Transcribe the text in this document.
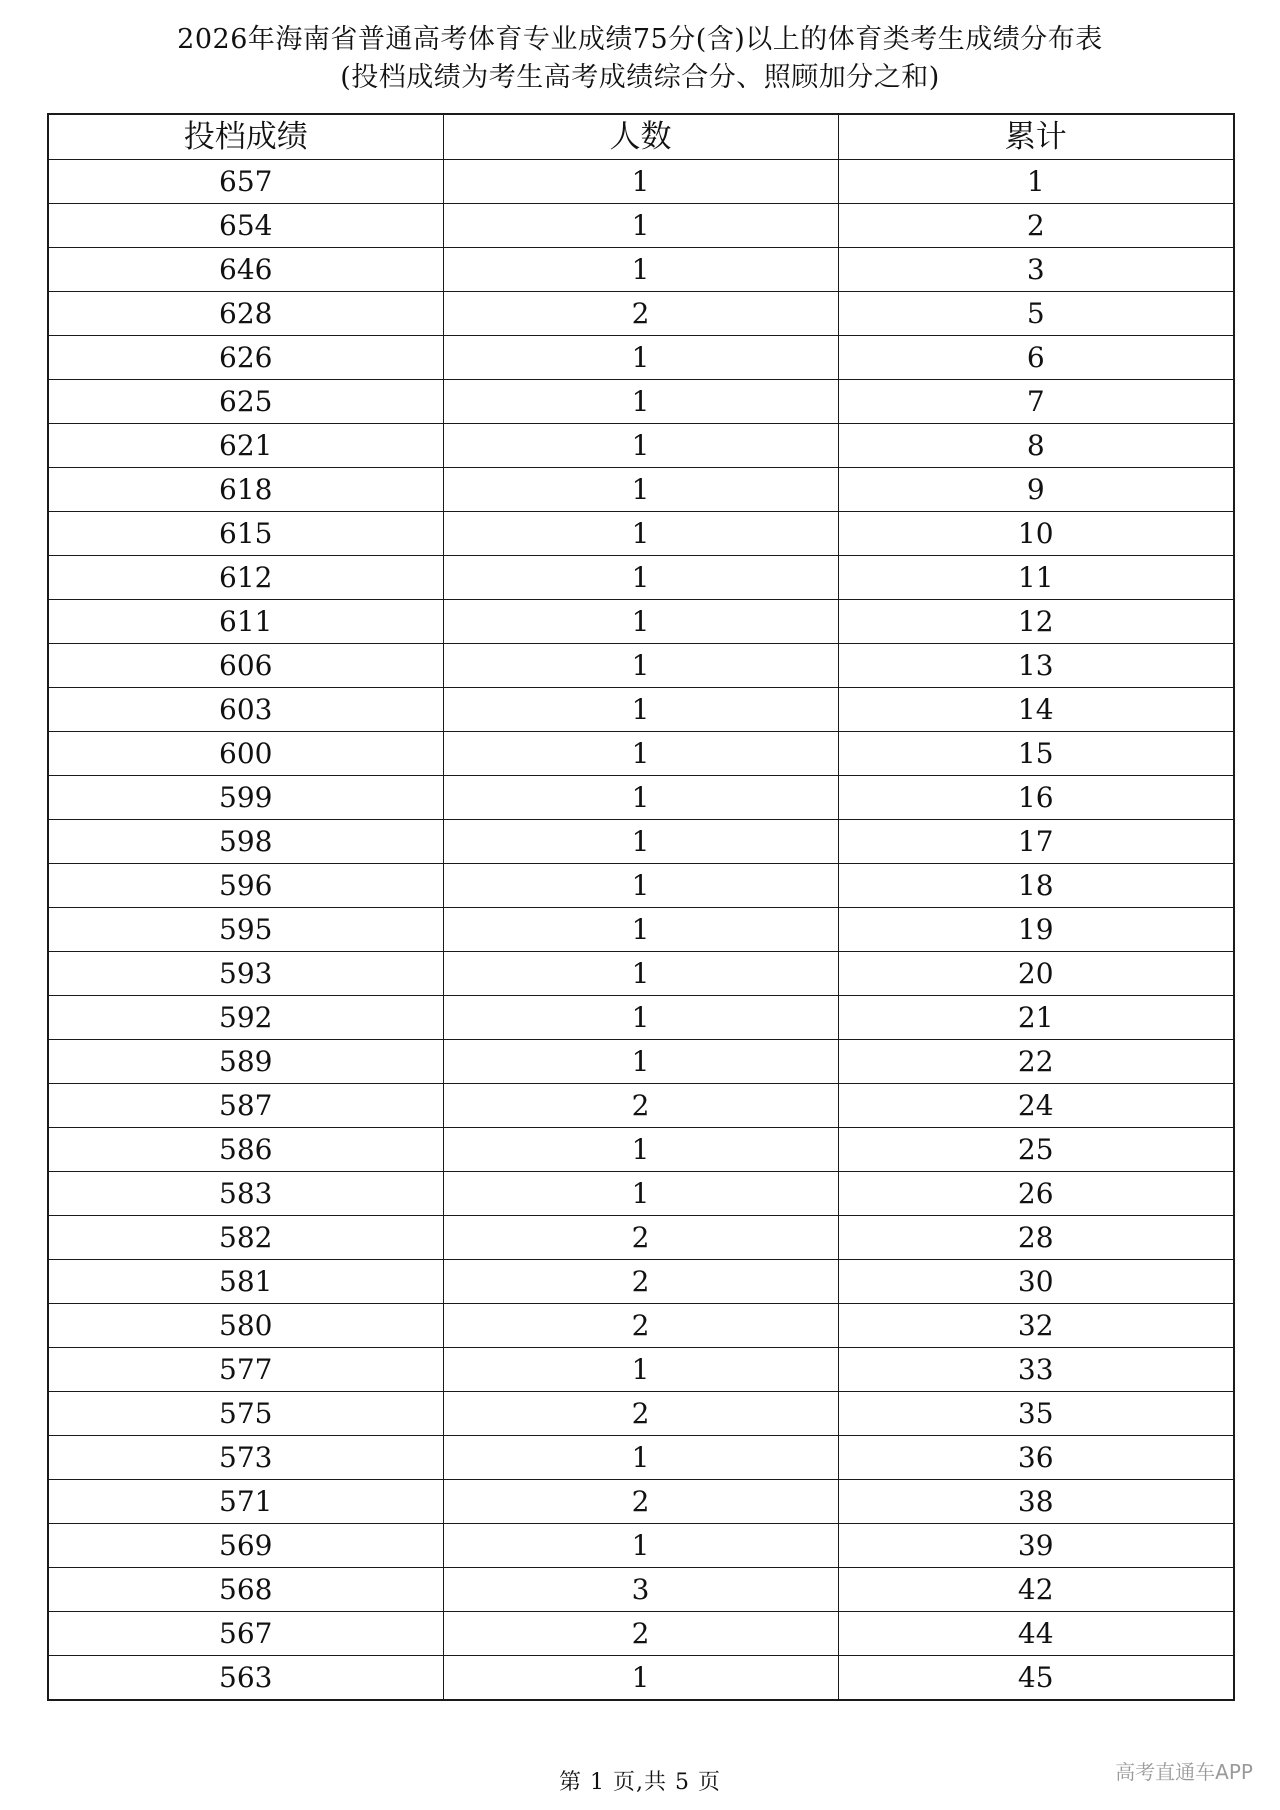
2026年海南省普通高考体育专业成绩75分(含)以上的体育类考生成绩分布表
(投档成绩为考生高考成绩综合分、照顾加分之和)
投档成绩	人数	累计
657	1	1
654	1	2
646	1	3
628	2	5
626	1	6
625	1	7
621	1	8
618	1	9
615	1	10
612	1	11
611	1	12
606	1	13
603	1	14
600	1	15
599	1	16
598	1	17
596	1	18
595	1	19
593	1	20
592	1	21
589	1	22
587	2	24
586	1	25
583	1	26
582	2	28
581	2	30
580	2	32
577	1	33
575	2	35
573	1	36
571	2	38
569	1	39
568	3	42
567	2	44
563	1	45
第 1 页,共 5 页	高考直通车APP
